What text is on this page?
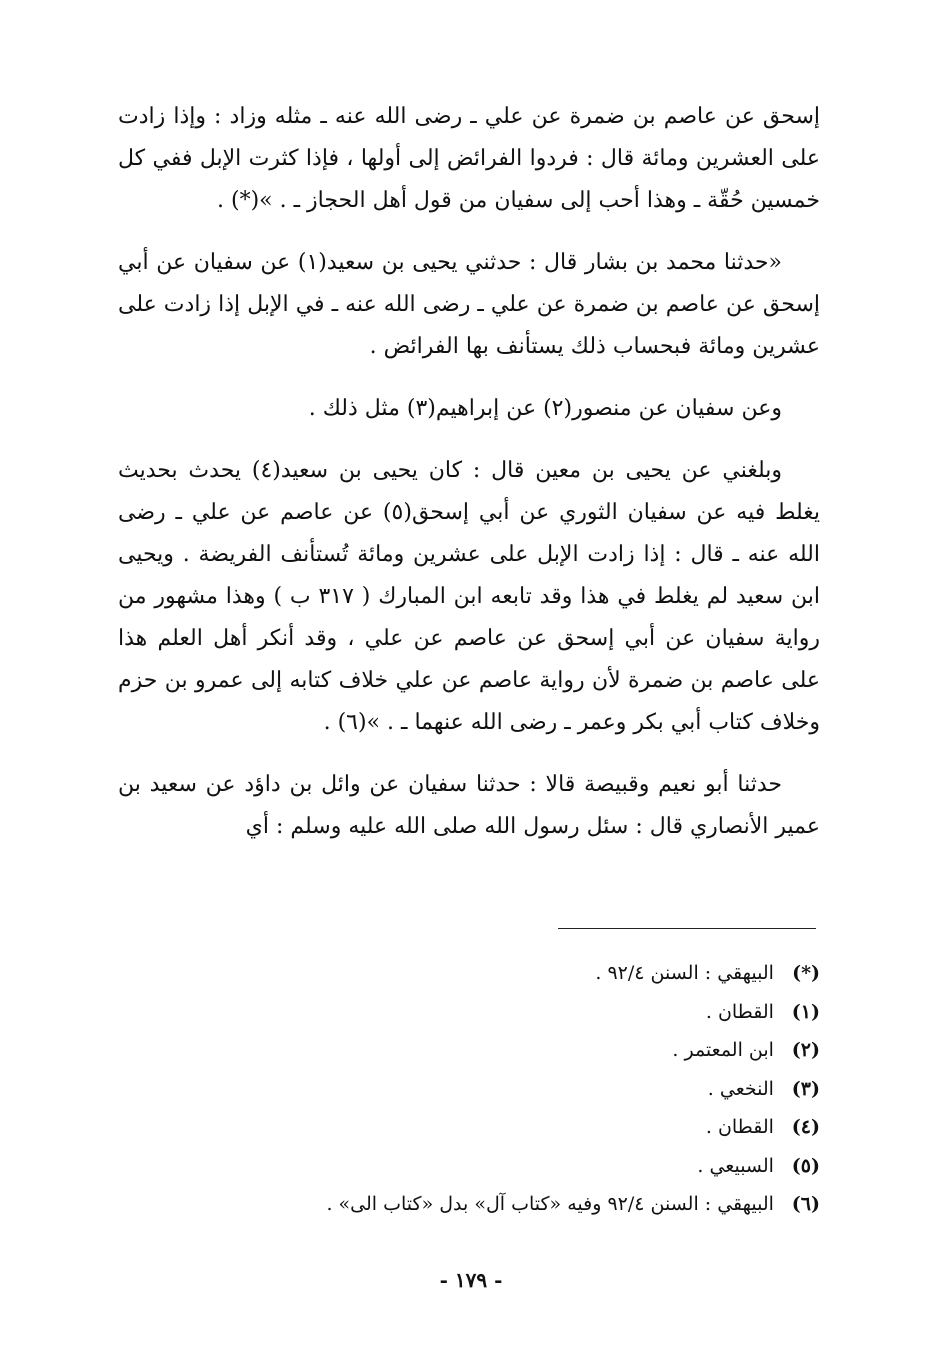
إسحق عن عاصم بن ضمرة عن علي ـ رضى الله عنه ـ مثله وزاد : وإذا زادت على العشرين ومائة قال : فردوا الفرائض إلى أولها ، فإذا كثرت الإبل ففي كل خمسين حُقّة ـ وهذا أحب إلى سفيان من قول أهل الحجاز ـ . »(*) .

«حدثنا محمد بن بشار قال : حدثني يحيى بن سعيد(١) عن سفيان عن أبي إسحق عن عاصم بن ضمرة عن علي ـ رضى الله عنه ـ في الإبل إذا زادت على عشرين ومائة فبحساب ذلك يستأنف بها الفرائض .

وعن سفيان عن منصور(٢) عن إبراهيم(٣) مثل ذلك .

وبلغني عن يحيى بن معين قال : كان يحيى بن سعيد(٤) يحدث بحديث يغلط فيه عن سفيان الثوري عن أبي إسحق(٥) عن عاصم عن علي ـ رضى الله عنه ـ قال : إذا زادت الإبل على عشرين ومائة تُستأنف الفريضة . ويحيى ابن سعيد لم يغلط في هذا وقد تابعه ابن المبارك ( ٣١٧ ب ) وهذا مشهور من رواية سفيان عن أبي إسحق عن عاصم عن علي ، وقد أنكر أهل العلم هذا على عاصم بن ضمرة لأن رواية عاصم عن علي خلاف كتابه إلى عمرو بن حزم وخلاف كتاب أبي بكر وعمر ـ رضى الله عنهما ـ . »(٦) .

حدثنا أبو نعيم وقبيصة قالا : حدثنا سفيان عن وائل بن داؤد عن سعيد بن عمير الأنصاري قال : سئل رسول الله صلى الله عليه وسلم : أي

(*) البيهقي : السنن ٩٢/٤ .
(١) القطان .
(٢) ابن المعتمر .
(٣) النخعي .
(٤) القطان .
(٥) السبيعي .
(٦) البيهقي : السنن ٩٢/٤ وفيه «كتاب آل» بدل «كتاب الى» .
- ١٧٩ -
